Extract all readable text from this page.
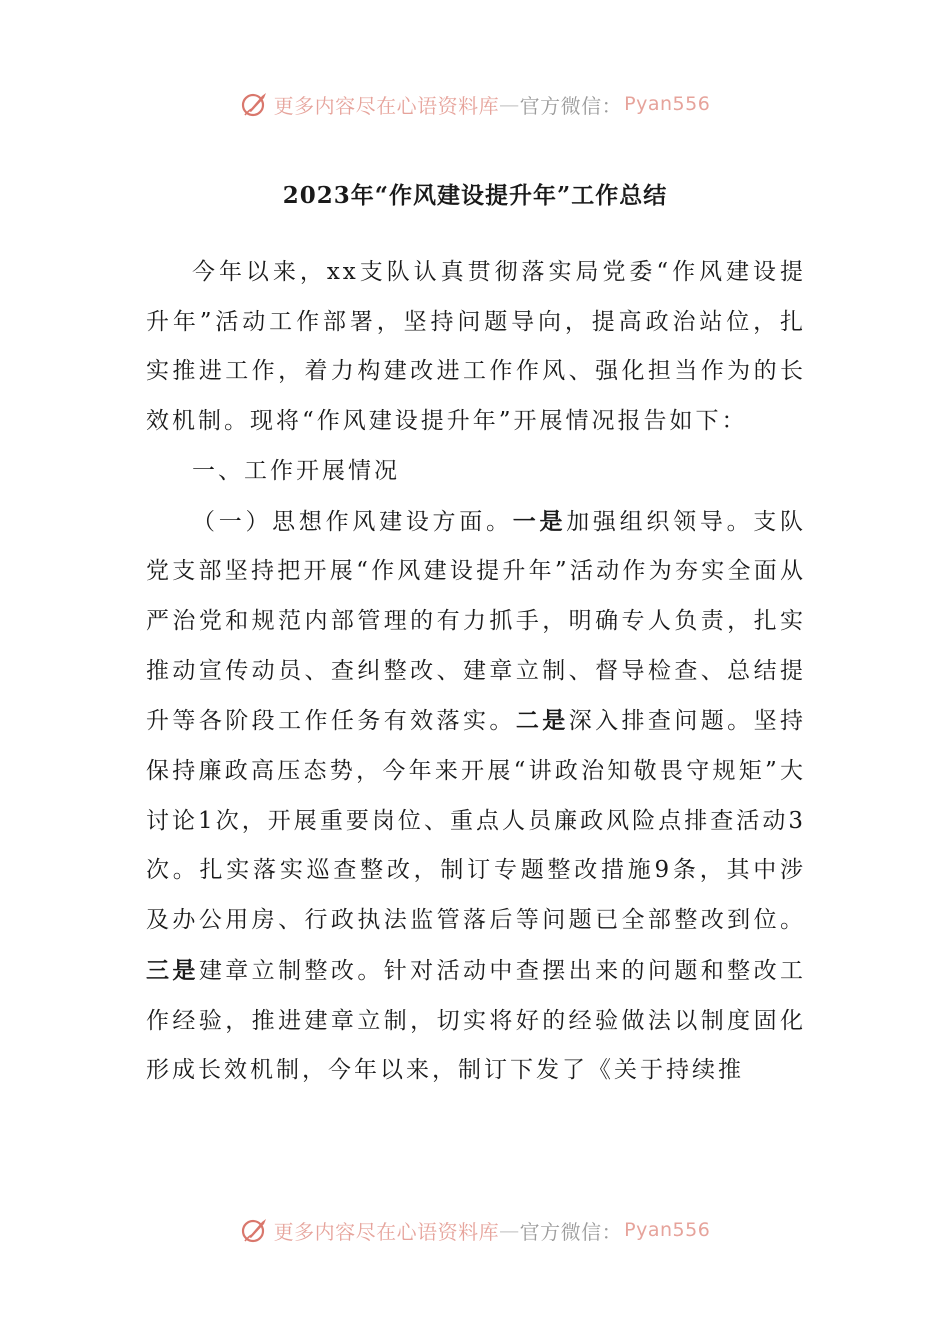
更多内容尽在心语资料库 — 官方微信： Pyan556
2023年“作风建设提升年”工作总结

今年以来，xx支队认真贯彻落实局党委“作风建设提升年”活动工作部署，坚持问题导向，提高政治站位，扎实推进工作，着力构建改进工作作风、强化担当作为的长效机制。现将“作风建设提升年”开展情况报告如下：

一、工作开展情况

（一）思想作风建设方面。一是加强组织领导。支队党支部坚持把开展“作风建设提升年”活动作为夯实全面从严治党和规范内部管理的有力抓手，明确专人负责，扎实推动宣传动员、查纠整改、建章立制、督导检查、总结提升等各阶段工作任务有效落实。二是深入排查问题。坚持保持廉政高压态势，今年来开展“讲政治知敬畏守规矩”大讨论1次，开展重要岗位、重点人员廉政风险点排查活动3次。扎实落实巡查整改，制订专题整改措施9条，其中涉及办公用房、行政执法监管落后等问题已全部整改到位。三是建章立制整改。针对活动中查摆出来的问题和整改工作经验，推进建章立制，切实将好的经验做法以制度固化形成长效机制，今年以来，制订下发了《关于持续推

更多内容尽在心语资料库 — 官方微信： Pyan556
